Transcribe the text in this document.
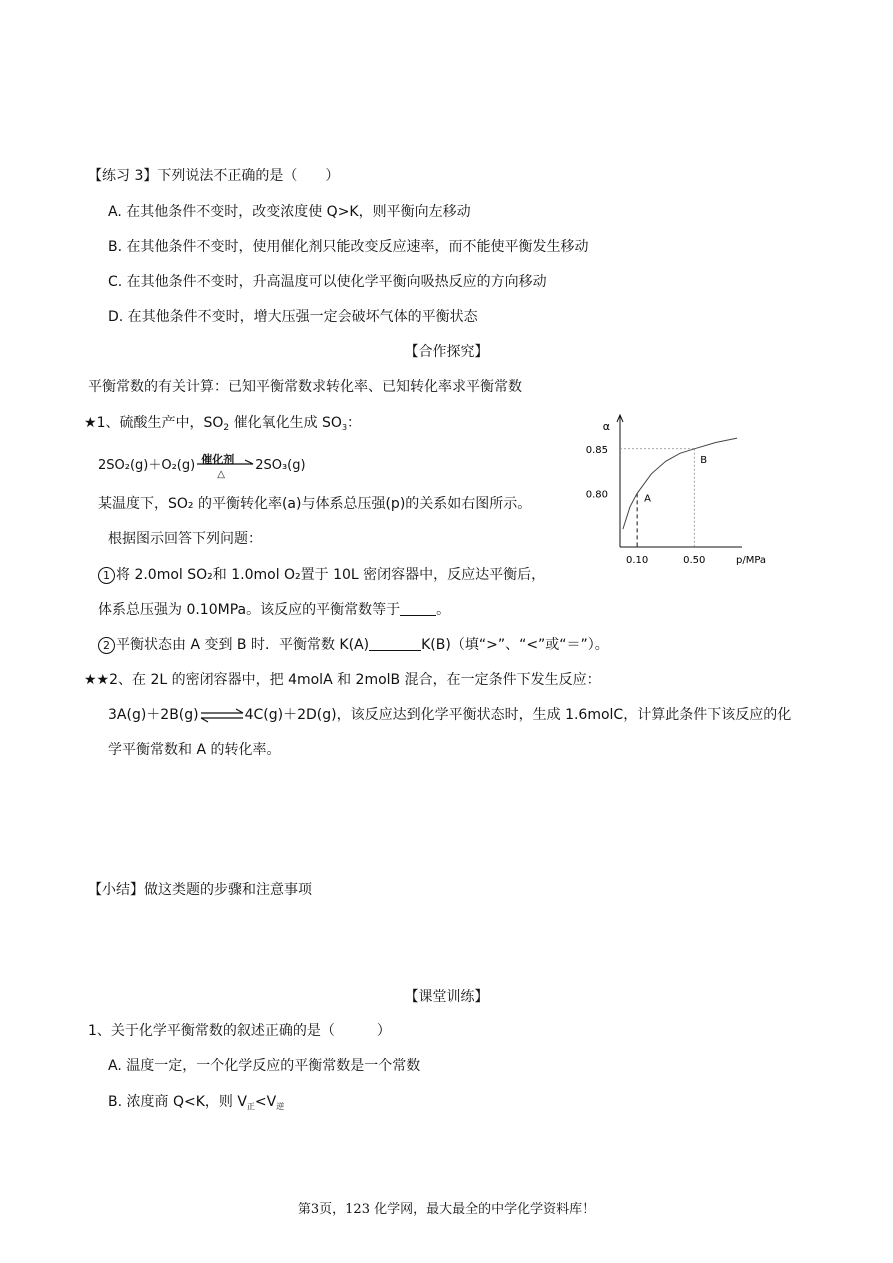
【练习 3】下列说法不正确的是（　　）
A. 在其他条件不变时，改变浓度使 Q>K，则平衡向左移动
B. 在其他条件不变时，使用催化剂只能改变反应速率，而不能使平衡发生移动
C. 在其他条件不变时，升高温度可以使化学平衡向吸热反应的方向移动
D. 在其他条件不变时，增大压强一定会破坏气体的平衡状态
【合作探究】
平衡常数的有关计算：已知平衡常数求转化率、已知转化率求平衡常数
★1、硫酸生产中，$SO_2$ 催化氧化生成 $SO_3$：
2SO₂(g)＋O₂(g) 催化剂
△
2SO₃(g)
某温度下，SO₂ 的平衡转化率(a)与体系总压强(p)的关系如右图所示。
根据图示回答下列问题：
1 将 2.0mol SO₂和 1.0mol O₂置于 10L 密闭容器中，反应达平衡后，
体系总压强为 0.10MPa。该反应的平衡常数等于	。
2 平衡状态由 A 变到 B 时．平衡常数 K(A)	K(B)（填“>”、“<”或“＝”）。
α
0.80
0.85
0.10	0.50	p/MPa
A
B
★★2、在 2L 的密闭容器中，把 4molA 和 2molB 混合，在一定条件下发生反应：
3A(g)＋2B(g)⇌4C(g)＋2D(g)，该反应达到化学平衡状态时，生成 1.6molC，计算此条件下该反应的化
学平衡常数和 A 的转化率。
【小结】做这类题的步骤和注意事项
【课堂训练】
1、关于化学平衡常数的叙述正确的是（　　　）
A. 温度一定，一个化学反应的平衡常数是一个常数
B. 浓度商 Q<K，则 $V_正<V_逆$
第3页，123 化学网，最大最全的中学化学资料库！
